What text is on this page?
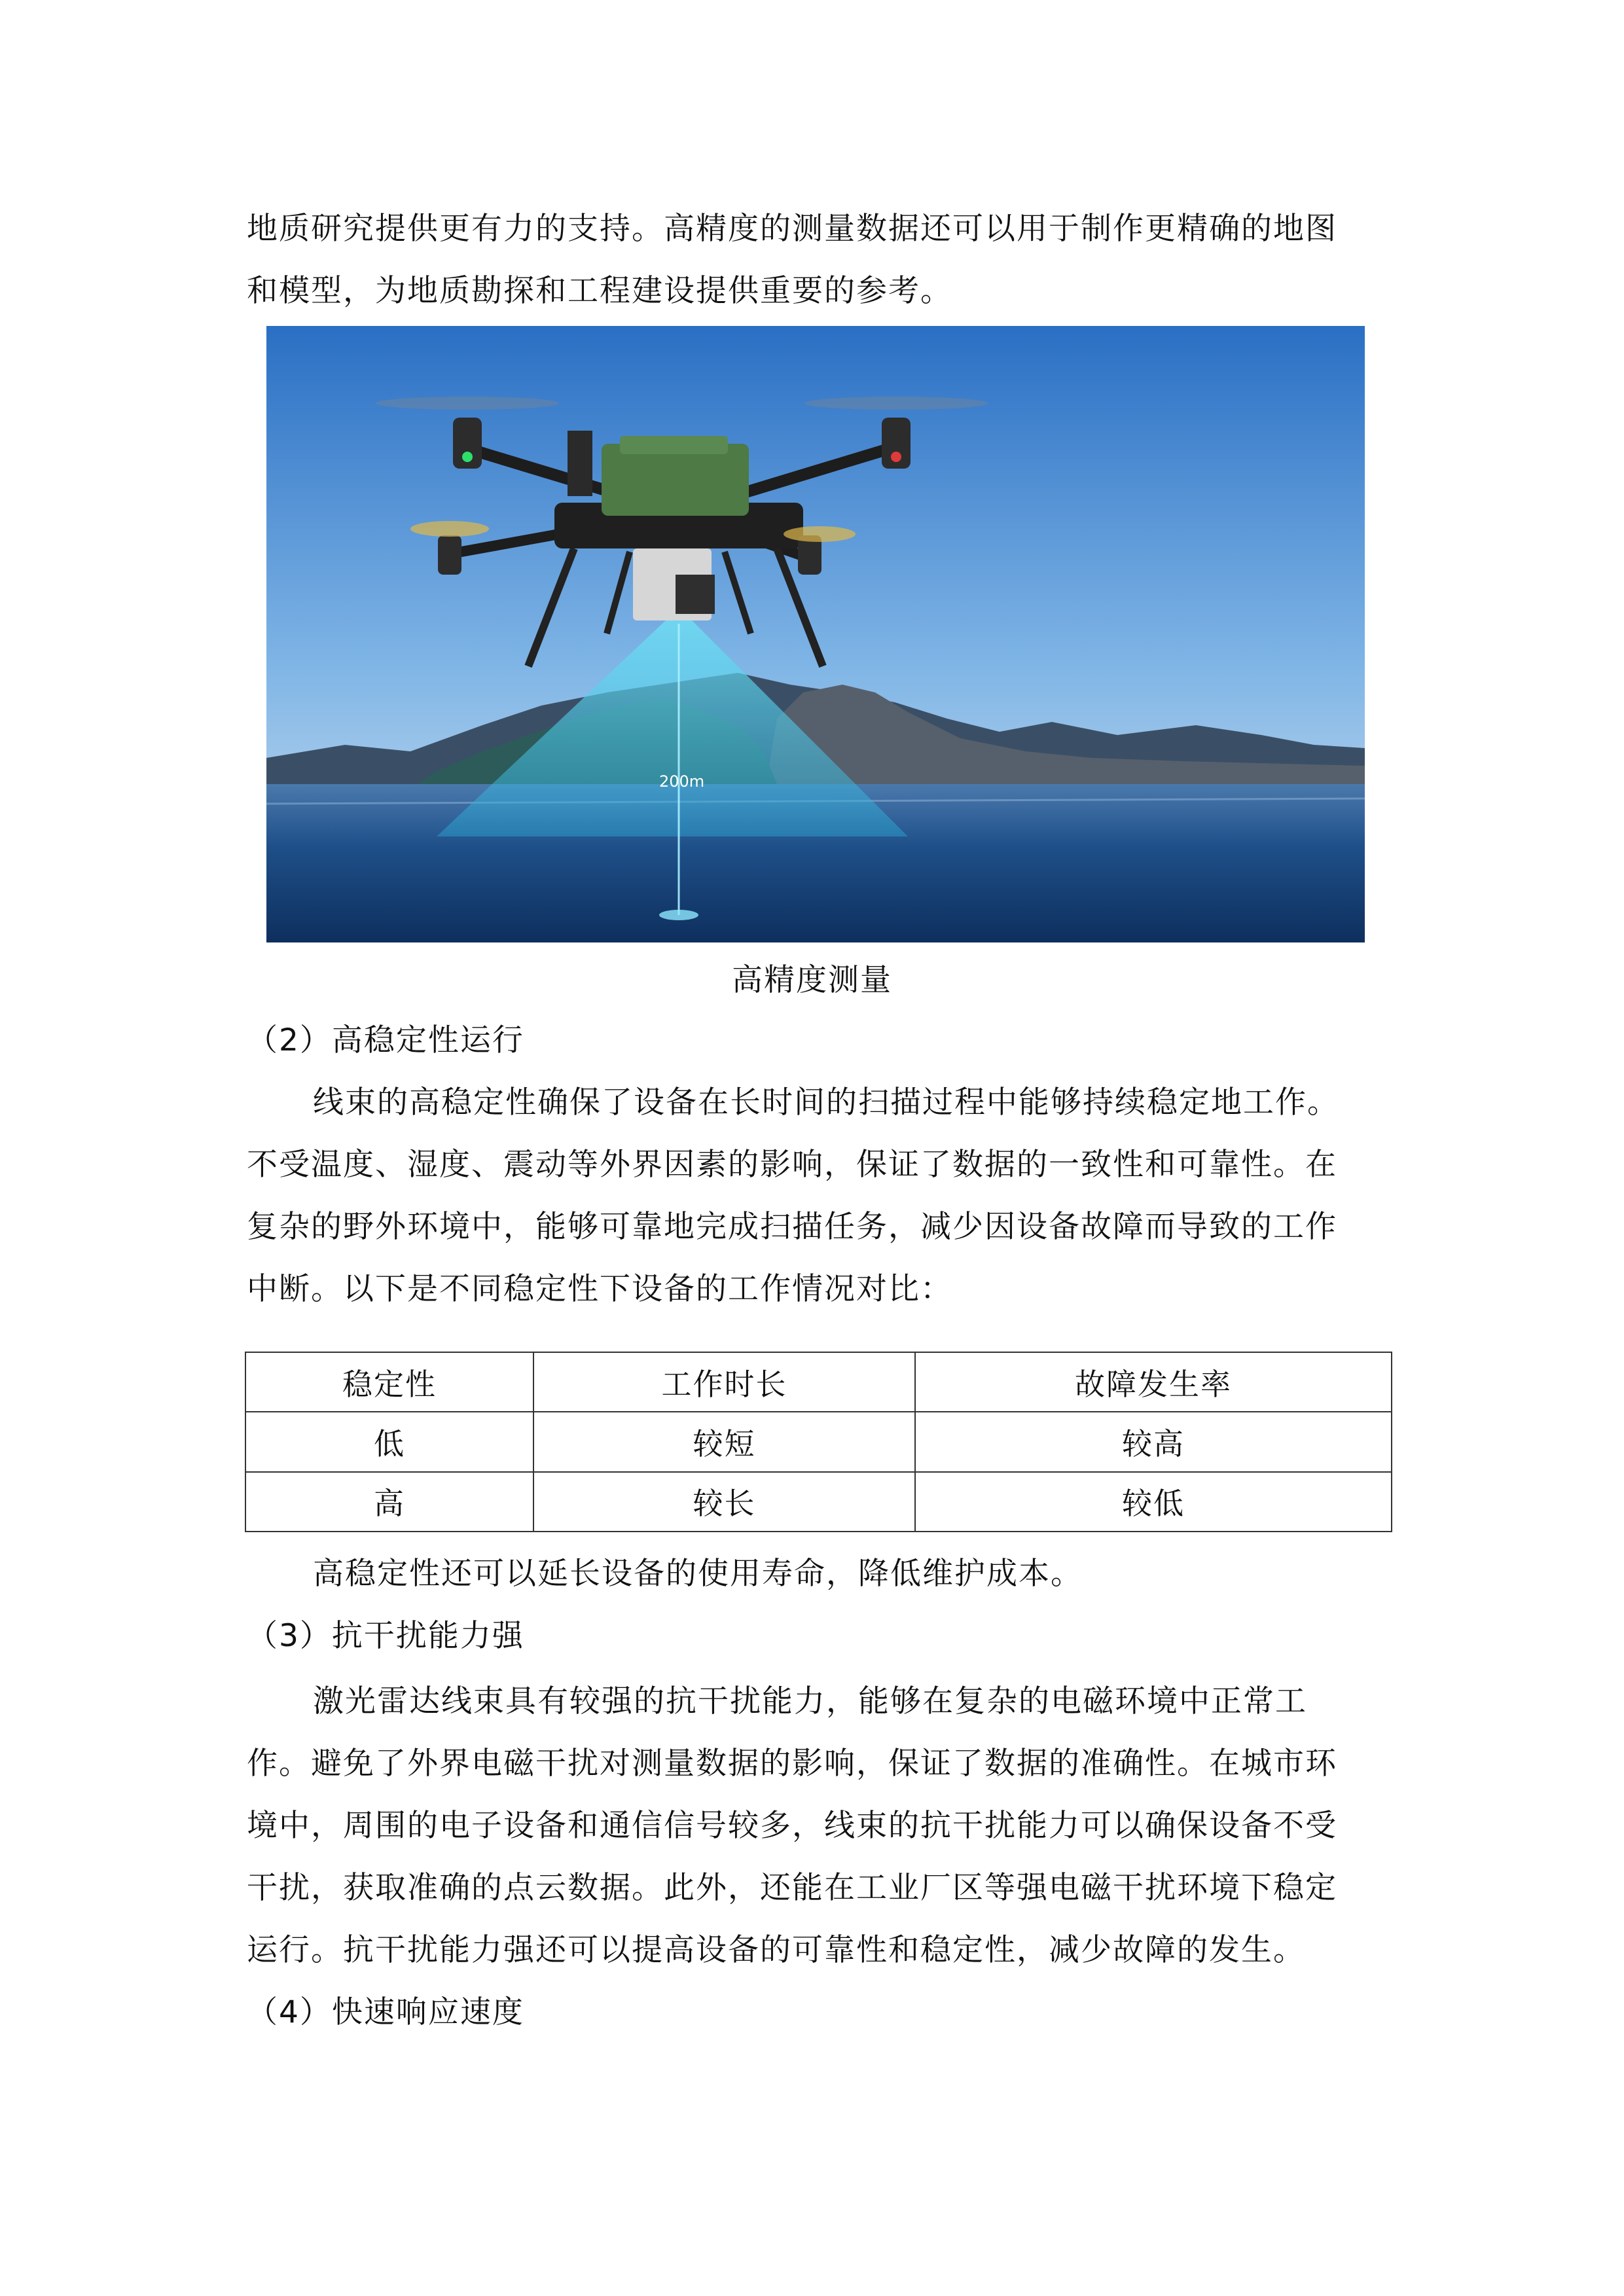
地质研究提供更有力的支持。高精度的测量数据还可以用于制作更精确的地图
和模型，为地质勘探和工程建设提供重要的参考。
200m
高精度测量
（2）高稳定性运行
线束的高稳定性确保了设备在长时间的扫描过程中能够持续稳定地工作。
不受温度、湿度、震动等外界因素的影响，保证了数据的一致性和可靠性。在
复杂的野外环境中，能够可靠地完成扫描任务，减少因设备故障而导致的工作
中断。以下是不同稳定性下设备的工作情况对比：
稳定性	工作时长	故障发生率
低	较短	较高
高	较长	较低
高稳定性还可以延长设备的使用寿命，降低维护成本。
（3）抗干扰能力强
激光雷达线束具有较强的抗干扰能力，能够在复杂的电磁环境中正常工
作。避免了外界电磁干扰对测量数据的影响，保证了数据的准确性。在城市环
境中，周围的电子设备和通信信号较多，线束的抗干扰能力可以确保设备不受
干扰，获取准确的点云数据。此外，还能在工业厂区等强电磁干扰环境下稳定
运行。抗干扰能力强还可以提高设备的可靠性和稳定性，减少故障的发生。
（4）快速响应速度
